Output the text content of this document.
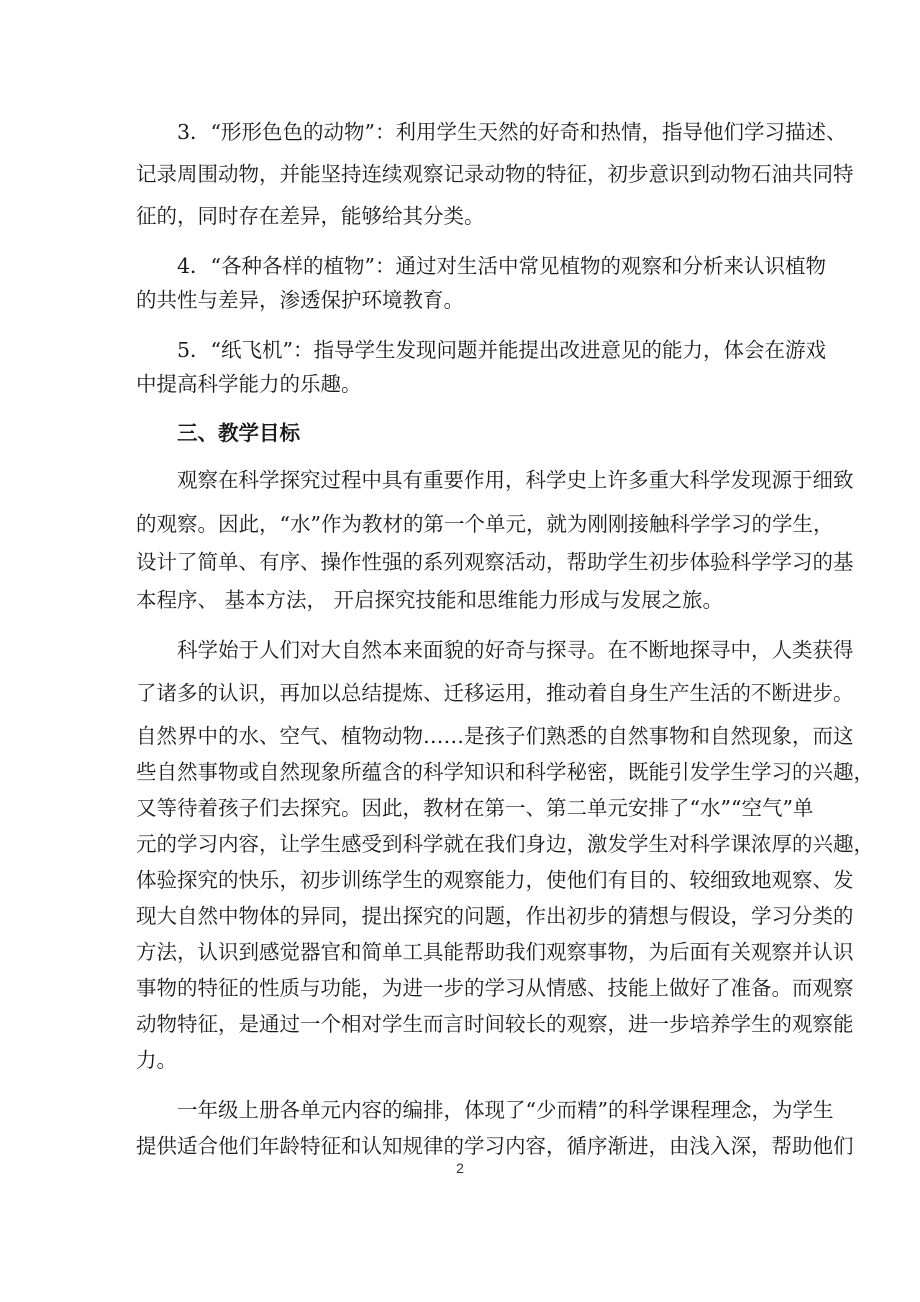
　　3．“形形色色的动物”：利用学生天然的好奇和热情，指导他们学习描述、
记录周围动物，并能坚持连续观察记录动物的特征，初步意识到动物石油共同特
征的，同时存在差异，能够给其分类。
　　4．“各种各样的植物”：通过对生活中常见植物的观察和分析来认识植物
的共性与差异，渗透保护环境教育。
　　5．“纸飞机”：指导学生发现问题并能提出改进意见的能力，体会在游戏
中提高科学能力的乐趣。
　　三、教学目标
　　观察在科学探究过程中具有重要作用，科学史上许多重大科学发现源于细致
的观察。因此，“水”作为教材的第一个单元，就为刚刚接触科学学习的学生，
设计了简单、有序、操作性强的系列观察活动，帮助学生初步体验科学学习的基
本程序、 基本方法， 开启探究技能和思维能力形成与发展之旅。
　　科学始于人们对大自然本来面貌的好奇与探寻。在不断地探寻中，人类获得
了诸多的认识，再加以总结提炼、迁移运用，推动着自身生产生活的不断进步。
自然界中的水、空气、植物动物……是孩子们熟悉的自然事物和自然现象，而这
些自然事物或自然现象所蕴含的科学知识和科学秘密，既能引发学生学习的兴趣，
又等待着孩子们去探究。因此，教材在第一、第二单元安排了“水”“空气”单
元的学习内容，让学生感受到科学就在我们身边，激发学生对科学课浓厚的兴趣，
体验探究的快乐，初步训练学生的观察能力，使他们有目的、较细致地观察、发
现大自然中物体的异同，提出探究的问题，作出初步的猜想与假设，学习分类的
方法，认识到感觉器官和简单工具能帮助我们观察事物，为后面有关观察并认识
事物的特征的性质与功能，为进一步的学习从情感、技能上做好了准备。而观察
动物特征，是通过一个相对学生而言时间较长的观察，进一步培养学生的观察能
力。
　　一年级上册各单元内容的编排，体现了“少而精”的科学课程理念，为学生
提供适合他们年龄特征和认知规律的学习内容，循序渐进，由浅入深，帮助他们
2
